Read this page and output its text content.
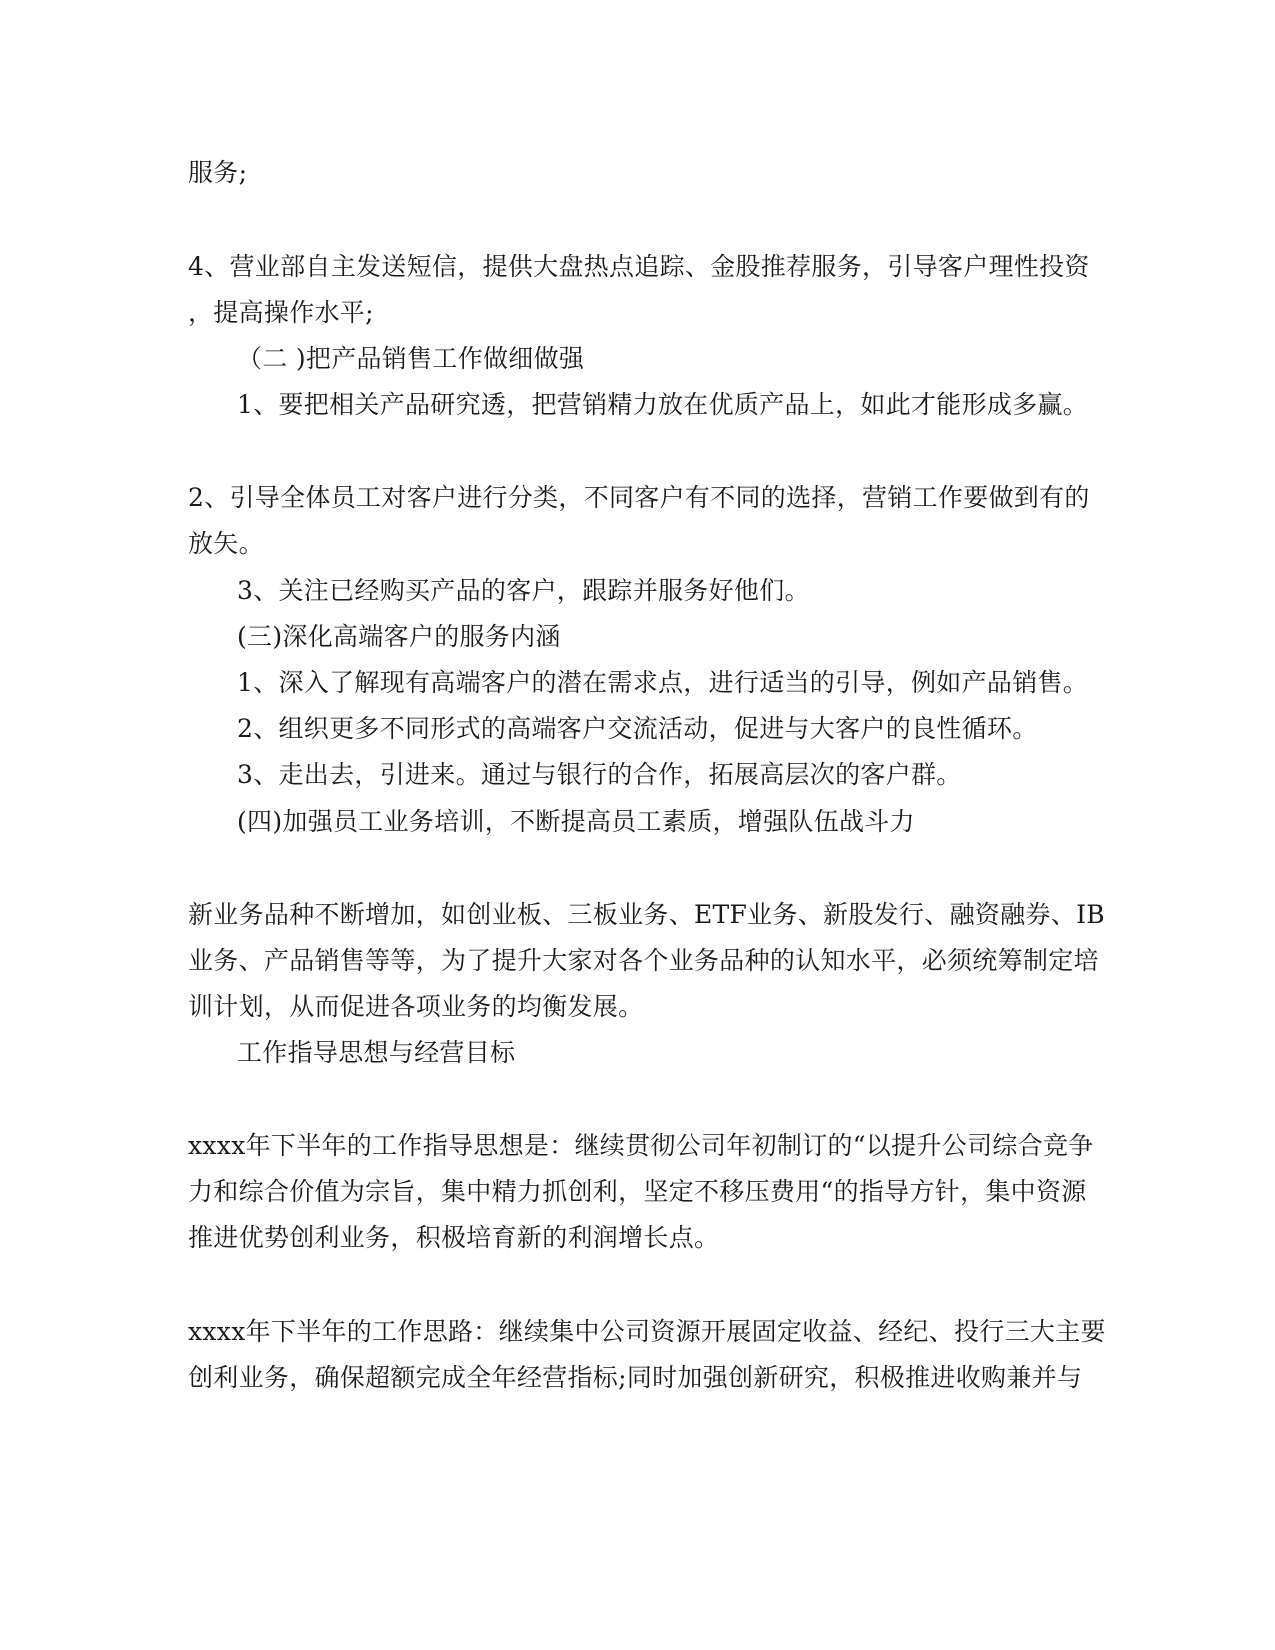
服务;
4、营业部自主发送短信，提供大盘热点追踪、金股推荐服务，引导客户理性投资
，提高操作水平;
（二 )把产品销售工作做细做强
1、要把相关产品研究透，把营销精力放在优质产品上，如此才能形成多赢。
2、引导全体员工对客户进行分类，不同客户有不同的选择，营销工作要做到有的
放矢。
3、关注已经购买产品的客户，跟踪并服务好他们。
(三)深化高端客户的服务内涵
1、深入了解现有高端客户的潜在需求点，进行适当的引导，例如产品销售。
2、组织更多不同形式的高端客户交流活动，促进与大客户的良性循环。
3、走出去，引进来。通过与银行的合作，拓展高层次的客户群。
(四)加强员工业务培训，不断提高员工素质，增强队伍战斗力
新业务品种不断增加，如创业板、三板业务、ETF业务、新股发行、融资融券、IB
业务、产品销售等等，为了提升大家对各个业务品种的认知水平，必须统筹制定培
训计划，从而促进各项业务的均衡发展。
工作指导思想与经营目标
xxxx年下半年的工作指导思想是：继续贯彻公司年初制订的“以提升公司综合竞争
力和综合价值为宗旨，集中精力抓创利，坚定不移压费用“的指导方针，集中资源
推进优势创利业务，积极培育新的利润增长点。
xxxx年下半年的工作思路：继续集中公司资源开展固定收益、经纪、投行三大主要
创利业务，确保超额完成全年经营指标;同时加强创新研究，积极推进收购兼并与
